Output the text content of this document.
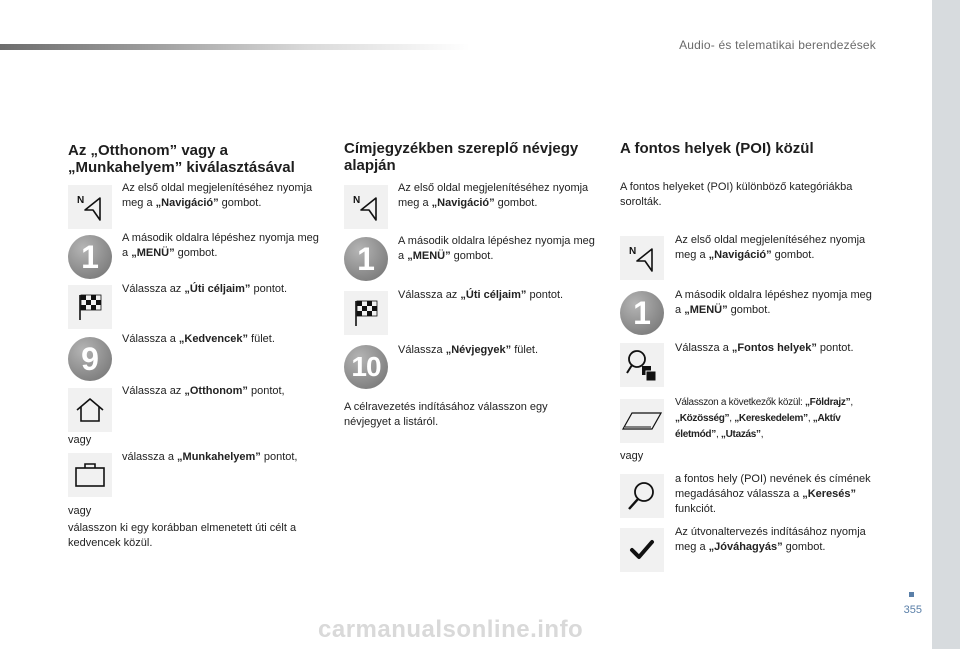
Audio- és telematikai berendezések
Az „Otthonom” vagy a „Munkahelyem” kiválasztásával
N
Az első oldal megjelenítéséhez nyomja meg a „Navigáció” gombot.
1
A második oldalra lépéshez nyomja meg a „MENÜ” gombot.
Válassza az „Úti céljaim” pontot.
9
Válassza a „Kedvencek” fület.
Válassza az „Otthonom” pontot,
vagy
válassza a „Munkahelyem” pontot,
vagy
válasszon ki egy korábban elmenetett úti célt a kedvencek közül.
Címjegyzékben szereplő névjegy alapján
N
Az első oldal megjelenítéséhez nyomja meg a „Navigáció” gombot.
1	A második oldalra lépéshez nyomja meg a „MENÜ” gombot.
Válassza az „Úti céljaim” pontot.
10
Válassza „Névjegyek” fület.
A célravezetés indításához válasszon egy névjegyet a listáról.
A fontos helyek (POI) közül
A fontos helyeket (POI) különböző kategóriákba sorolták.
N
Az első oldal megjelenítéséhez nyomja meg a „Navigáció” gombot.
1	A második oldalra lépéshez nyomja meg a „MENÜ” gombot.
Válassza a „Fontos helyek” pontot.
Válasszon a következők közül: „Földrajz”, „Közösség”, „Kereskedelem”, „Aktív életmód”, „Utazás”,
vagy
a fontos hely (POI) nevének és címének megadásához válassza a „Keresés” funkciót.
Az útvonaltervezés indításához nyomja meg a „Jóváhagyás” gombot.
355
carmanualsonline.info
